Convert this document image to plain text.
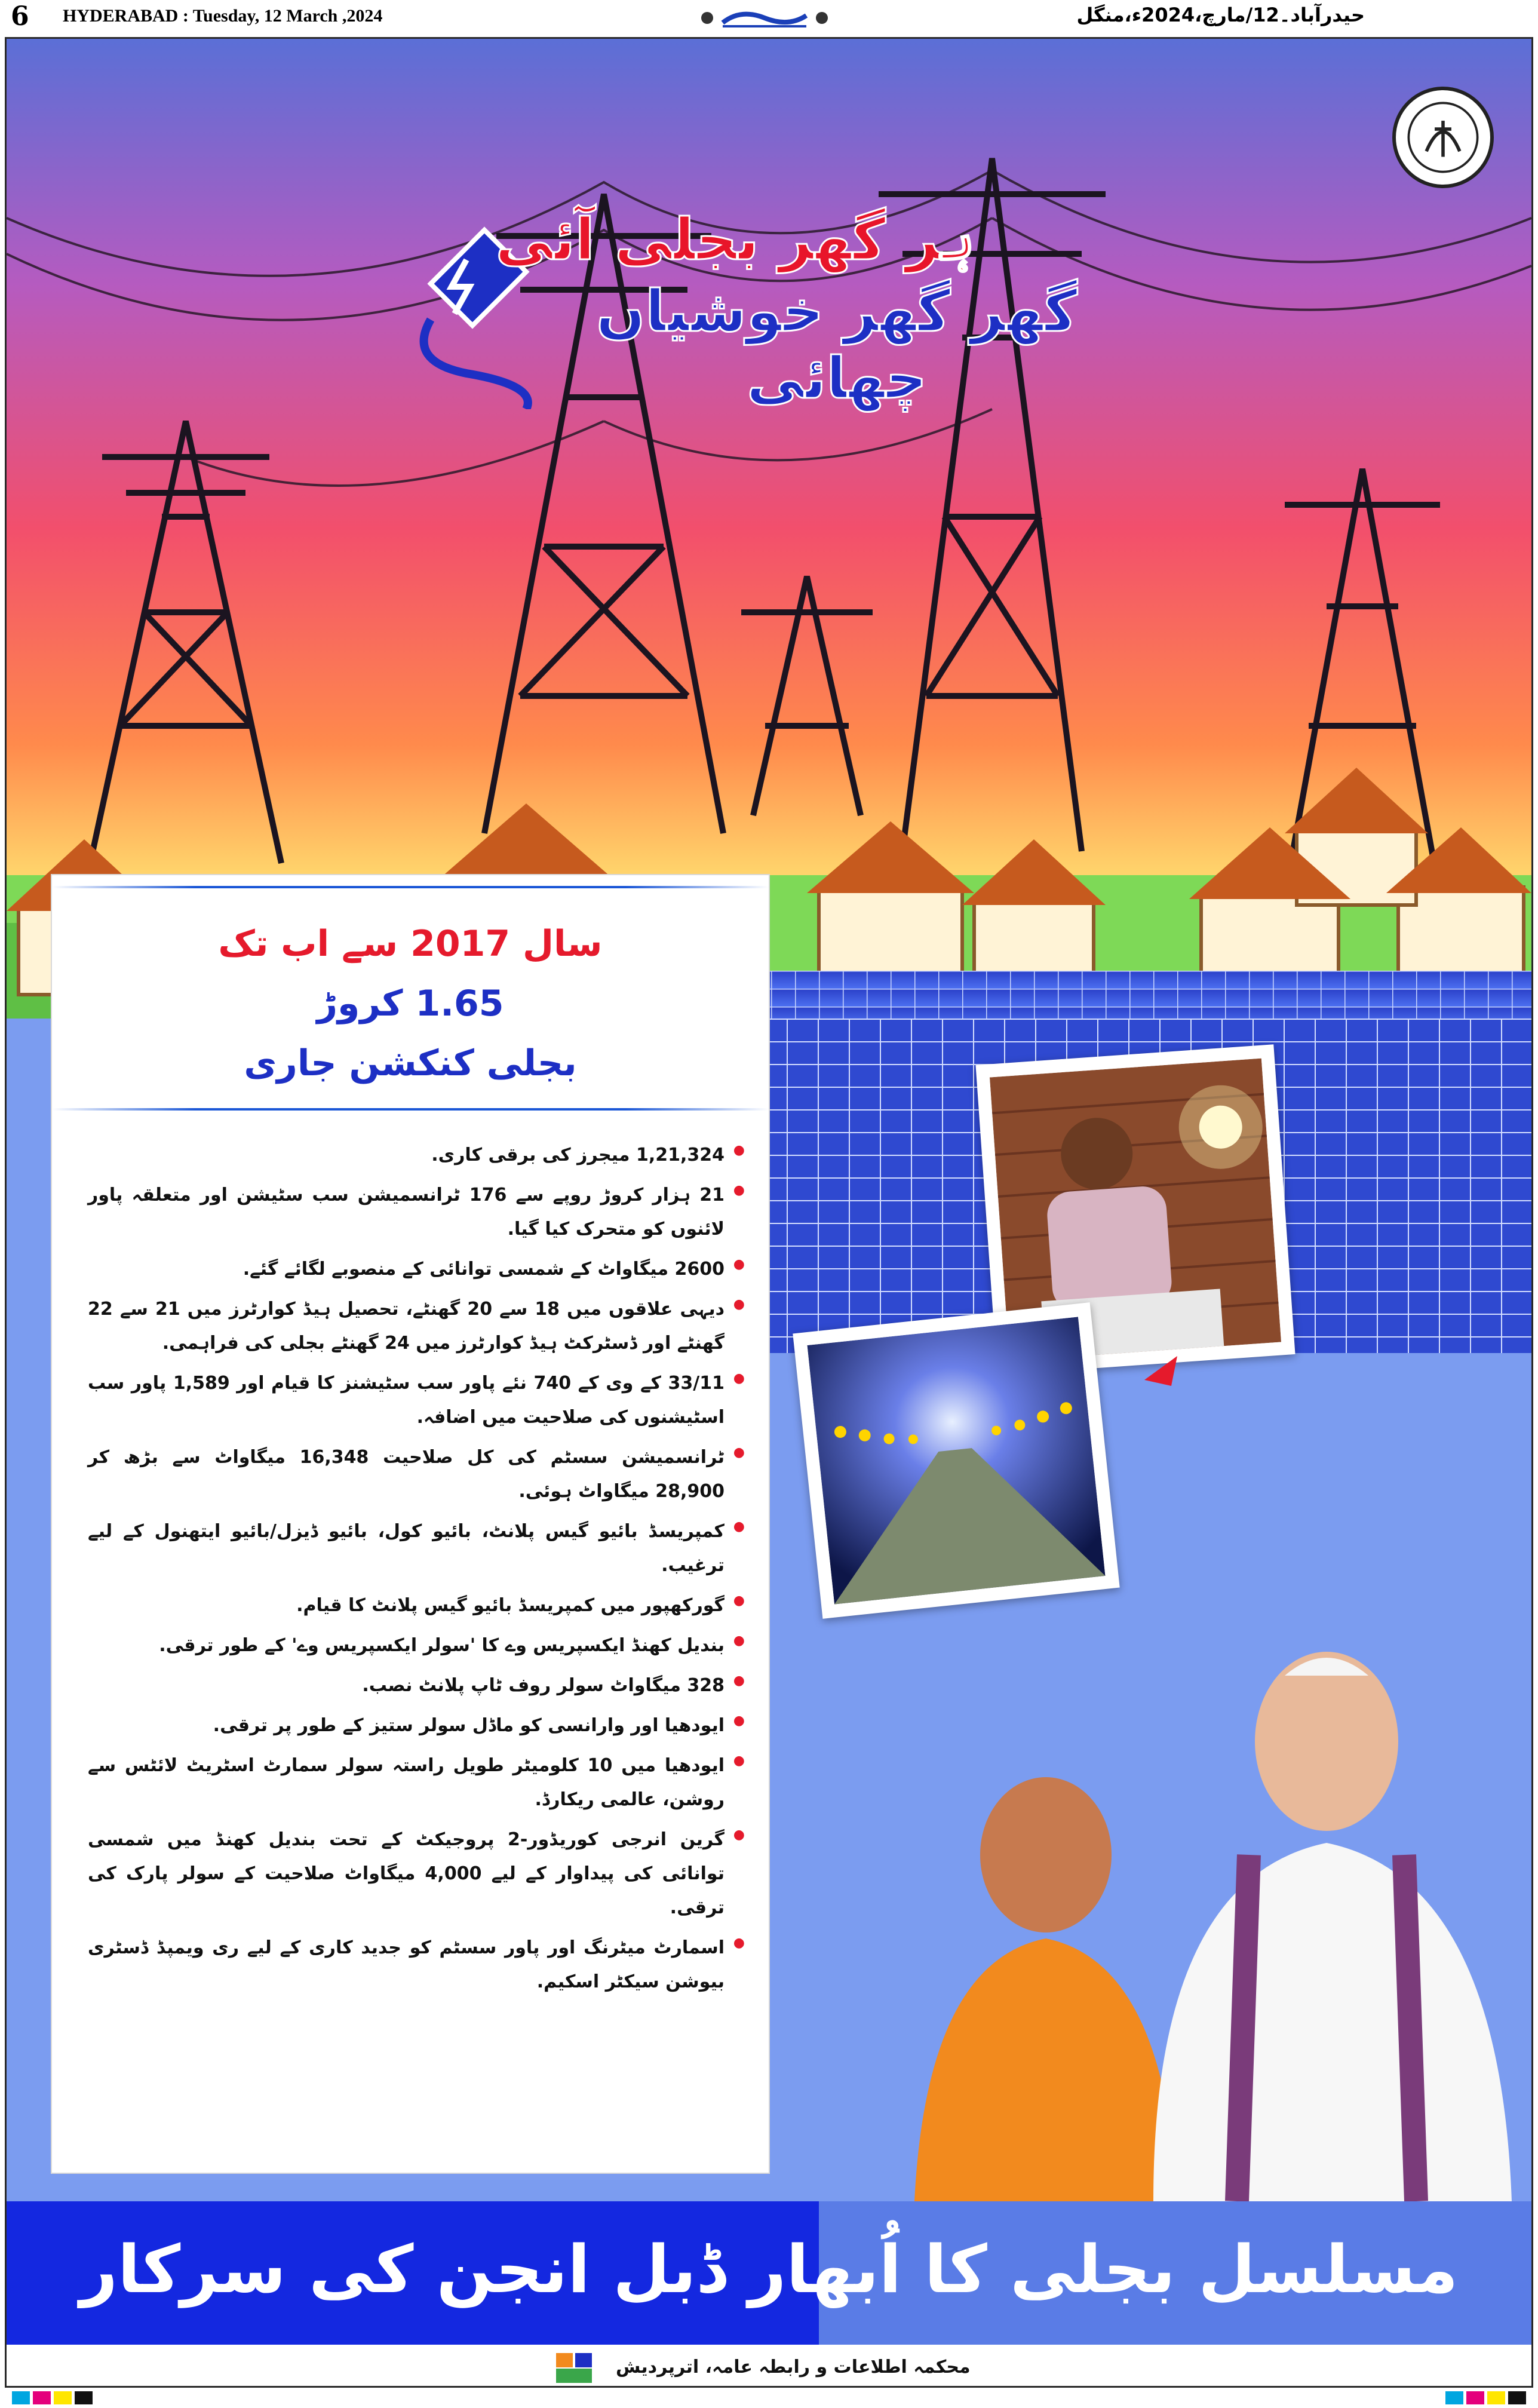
6 HYDERABAD : Tuesday, 12 March ,2024	حیدرآباد۔12/مارچ،2024ء،منگل
ہر گھر بجلی آئی
گھر گھر خوشیاں چھائی
سال 2017 سے اب تک
1.65 کروڑ
بجلی کنکشن جاری
● 1,21,324 میجرز کی برقی کاری.
● 21 ہزار کروڑ روپے سے 176 ٹرانسمیشن سب سٹیشن اور متعلقہ پاور لائنوں کو متحرک کیا گیا.
● 2600 میگاواٹ کے شمسی توانائی کے منصوبے لگائے گئے.
● دیہی علاقوں میں 18 سے 20 گھنٹے، تحصیل ہیڈ کوارٹرز میں 21 سے 22 گھنٹے اور ڈسٹرکٹ ہیڈ کوارٹرز میں 24 گھنٹے بجلی کی فراہمی.
● 33/11 کے وی کے 740 نئے پاور سب سٹیشنز کا قیام اور 1,589 پاور سب اسٹیشنوں کی صلاحیت میں اضافہ.
● ٹرانسمیشن سسٹم کی کل صلاحیت 16,348 میگاواٹ سے بڑھ کر 28,900 میگاواٹ ہوئی.
● کمپریسڈ بائیو گیس پلانٹ، بائیو کول، بائیو ڈیزل/بائیو ایتھنول کے لیے ترغیب.
● گورکھپور میں کمپریسڈ بائیو گیس پلانٹ کا قیام.
● بندیل کھنڈ ایکسپریس وے کا 'سولر ایکسپریس وے' کے طور ترقی.
● 328 میگاواٹ سولر روف ٹاپ پلانٹ نصب.
● ایودھیا اور وارانسی کو ماڈل سولر ستیز کے طور پر ترقی.
● ایودھیا میں 10 کلومیٹر طویل راستہ سولر سمارٹ اسٹریٹ لائٹس سے روشن، عالمی ریکارڈ.
● گرین انرجی کوریڈور-2 پروجیکٹ کے تحت بندیل کھنڈ میں شمسی توانائی کی پیداوار کے لیے 4,000 میگاواٹ صلاحیت کے سولر پارک کی ترقی.
● اسمارٹ میٹرنگ اور پاور سسٹم کو جدید کاری کے لیے ری ویمپڈ ڈسٹری بیوشن سیکٹر اسکیم.
مسلسل بجلی کا اُبھار ڈبل انجن کی سرکار
محکمہ اطلاعات و رابطہ عامہ، اترپردیش
